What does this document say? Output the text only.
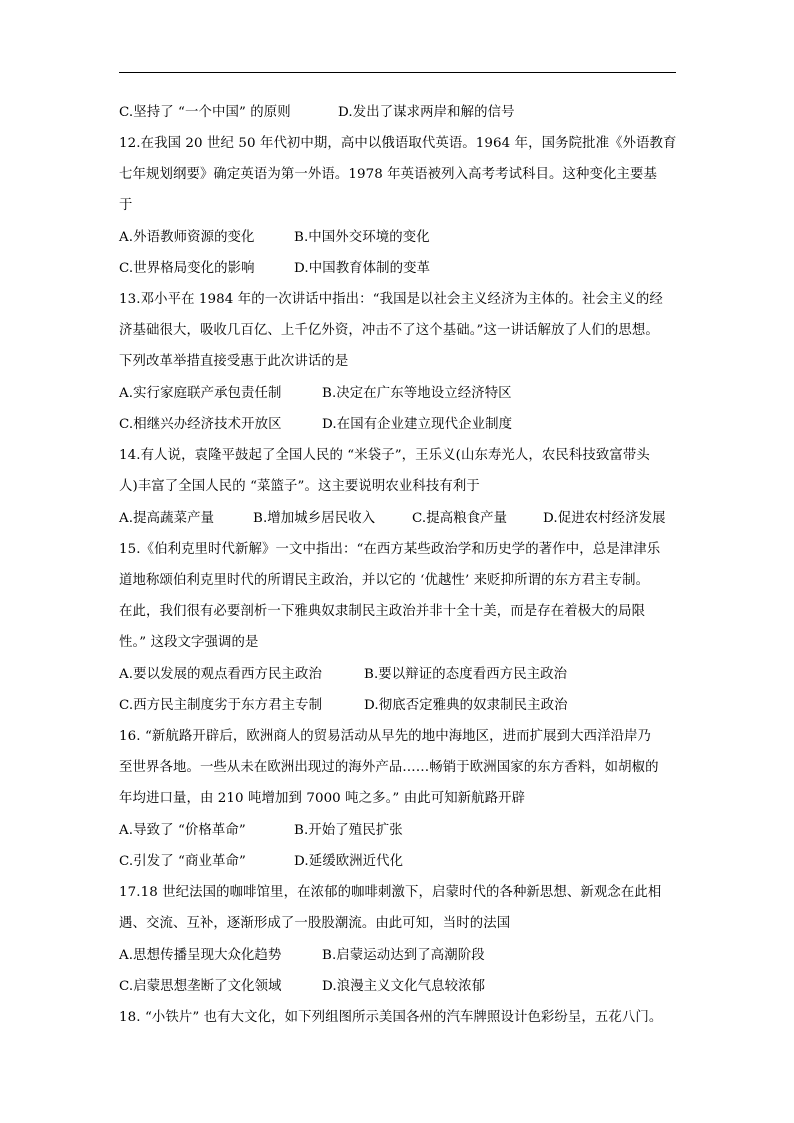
C.坚持了 “一个中国” 的原则	D.发出了谋求两岸和解的信号
12.在我国 20 世纪 50 年代初中期，高中以俄语取代英语。1964 年，国务院批准《外语教育
七年规划纲要》确定英语为第一外语。1978 年英语被列入高考考试科目。这种变化主要基
于
A.外语教师资源的变化	B.中国外交环境的变化
C.世界格局变化的影响	D.中国教育体制的变革
13.邓小平在 1984 年的一次讲话中指出：“我国是以社会主义经济为主体的。社会主义的经
济基础很大，吸收几百亿、上千亿外资，冲击不了这个基础。”这一讲话解放了人们的思想。
下列改革举措直接受惠于此次讲话的是
A.实行家庭联产承包责任制	B.决定在广东等地设立经济特区
C.相继兴办经济技术开放区	D.在国有企业建立现代企业制度
14.有人说，袁隆平鼓起了全国人民的 “米袋子”，王乐义(山东寿光人，农民科技致富带头
人)丰富了全国人民的 “菜篮子”。这主要说明农业科技有利于
A.提高蔬菜产量	B.增加城乡居民收入	C.提高粮食产量	D.促进农村经济发展
15.《伯利克里时代新解》一文中指出：“在西方某些政治学和历史学的著作中，总是津津乐
道地称颂伯利克里时代的所谓民主政治，并以它的 ‘优越性’ 来贬抑所谓的东方君主专制。
在此，我们很有必要剖析一下雅典奴隶制民主政治并非十全十美，而是存在着极大的局限
性。” 这段文字强调的是
A.要以发展的观点看西方民主政治	B.要以辩证的态度看西方民主政治
C.西方民主制度劣于东方君主专制	D.彻底否定雅典的奴隶制民主政治
16. “新航路开辟后，欧洲商人的贸易活动从早先的地中海地区，进而扩展到大西洋沿岸乃
至世界各地。一些从未在欧洲出现过的海外产品……畅销于欧洲国家的东方香料，如胡椒的
年均进口量，由 210 吨增加到 7000 吨之多。” 由此可知新航路开辟
A.导致了 “价格革命”	B.开始了殖民扩张
C.引发了 “商业革命”	D.延缓欧洲近代化
17.18 世纪法国的咖啡馆里，在浓郁的咖啡刺激下，启蒙时代的各种新思想、新观念在此相
遇、交流、互补，逐渐形成了一股股潮流。由此可知，当时的法国
A.思想传播呈现大众化趋势	B.启蒙运动达到了高潮阶段
C.启蒙思想垄断了文化领域	D.浪漫主义文化气息较浓郁
18. “小铁片” 也有大文化，如下列组图所示美国各州的汽车牌照设计色彩纷呈，五花八门。
